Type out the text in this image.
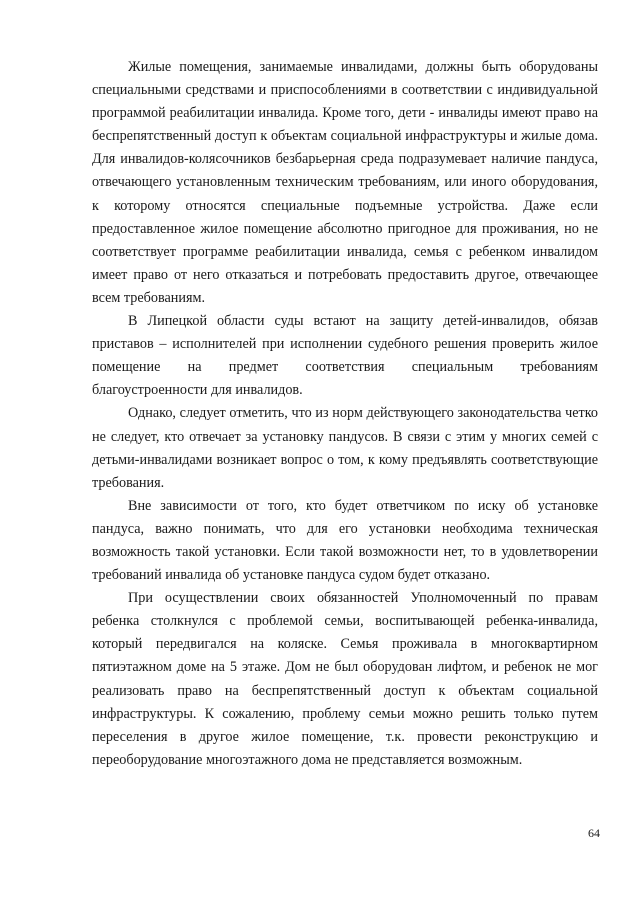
Жилые помещения, занимаемые инвалидами, должны быть оборудованы специальными средствами и приспособлениями в соответствии с индивидуальной программой реабилитации инвалида. Кроме того, дети - инвалиды имеют право на беспрепятственный доступ к объектам социальной инфраструктуры и жилые дома. Для инвалидов-колясочников безбарьерная среда подразумевает наличие пандуса, отвечающего установленным техническим требованиям, или иного оборудования, к которому относятся специальные подъемные устройства. Даже если предоставленное жилое помещение абсолютно пригодное для проживания, но не соответствует программе реабилитации инвалида, семья с ребенком инвалидом имеет право от него отказаться и потребовать предоставить другое, отвечающее всем требованиям.

В Липецкой области суды встают на защиту детей-инвалидов, обязав приставов – исполнителей при исполнении судебного решения проверить жилое помещение на предмет соответствия специальным требованиям благоустроенности для инвалидов.

Однако, следует отметить, что из норм действующего законодательства четко не следует, кто отвечает за установку пандусов. В связи с этим у многих семей с детьми-инвалидами возникает вопрос о том, к кому предъявлять соответствующие требования.

Вне зависимости от того, кто будет ответчиком по иску об установке пандуса, важно понимать, что для его установки необходима техническая возможность такой установки. Если такой возможности нет, то в удовлетворении требований инвалида об установке пандуса судом будет отказано.

При осуществлении своих обязанностей Уполномоченный по правам ребенка столкнулся с проблемой семьи, воспитывающей ребенка-инвалида, который передвигался на коляске. Семья проживала в многоквартирном пятиэтажном доме на 5 этаже. Дом не был оборудован лифтом, и ребенок не мог реализовать право на беспрепятственный доступ к объектам социальной инфраструктуры. К сожалению, проблему семьи можно решить только путем переселения в другое жилое помещение, т.к. провести реконструкцию и переоборудование многоэтажного дома не представляется возможным.

64
